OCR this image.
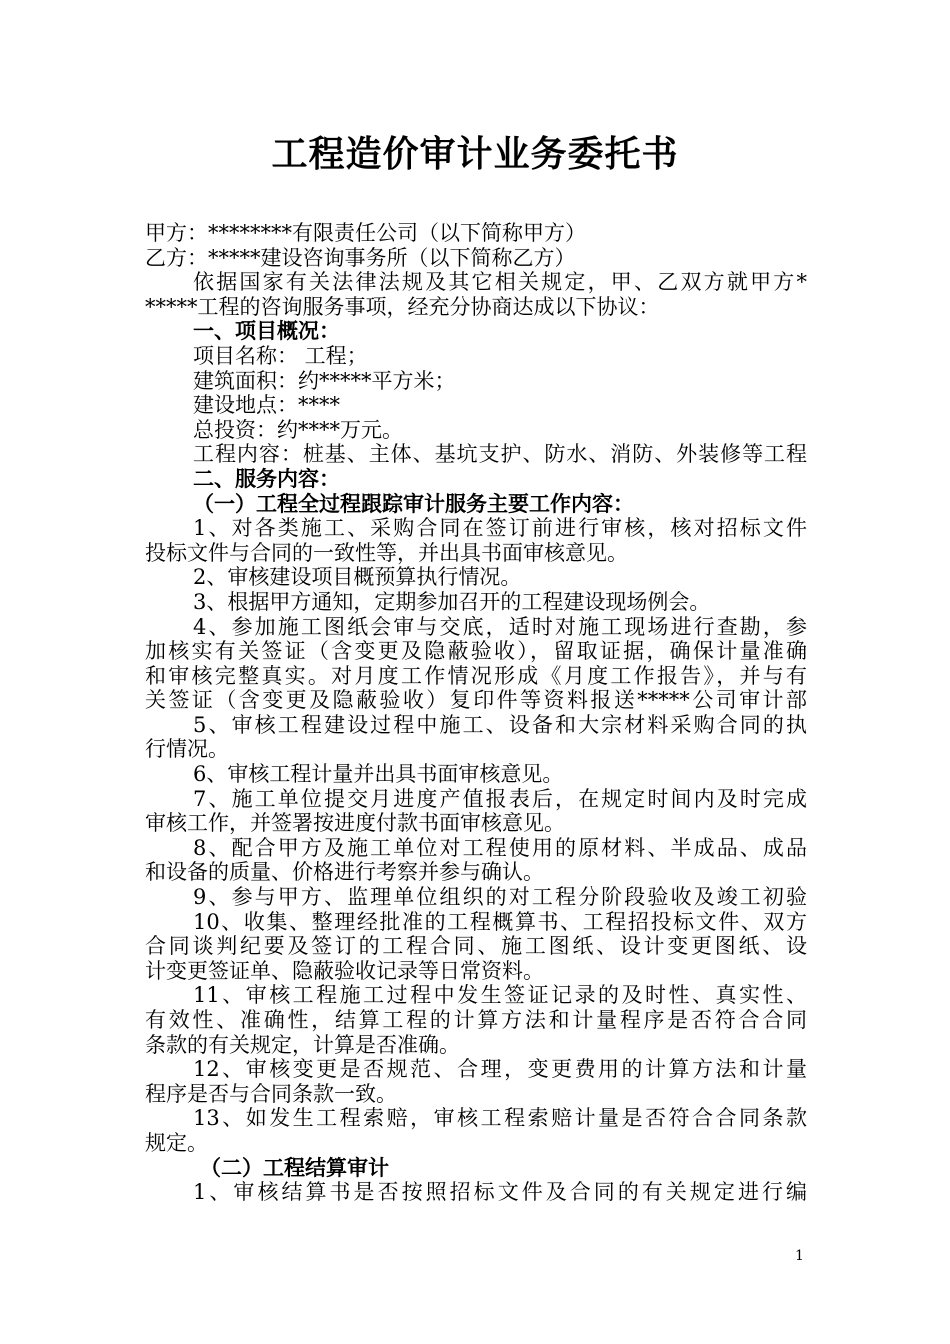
工程造价审计业务委托书
甲方：********有限责任公司（以下简称甲方）
乙方：*****建设咨询事务所（以下简称乙方）
依据国家有关法律法规及其它相关规定，甲、乙双方就甲方*
*****工程的咨询服务事项，经充分协商达成以下协议：
一、项目概况：
项目名称： 工程；
建筑面积：约*****平方米；
建设地点：****
总投资：约****万元。
工程内容：桩基、主体、基坑支护、防水、消防、外装修等工程
二、服务内容：
（一）工程全过程跟踪审计服务主要工作内容：
1、对各类施工、采购合同在签订前进行审核，核对招标文件
投标文件与合同的一致性等，并出具书面审核意见。
2、审核建设项目概预算执行情况。
3、根据甲方通知，定期参加召开的工程建设现场例会。
4、参加施工图纸会审与交底，适时对施工现场进行查勘，参
加核实有关签证（含变更及隐蔽验收），留取证据，确保计量准确
和审核完整真实。对月度工作情况形成《月度工作报告》，并与有
关签证（含变更及隐蔽验收）复印件等资料报送*****公司审计部
5、审核工程建设过程中施工、设备和大宗材料采购合同的执
行情况。
6、审核工程计量并出具书面审核意见。
7、施工单位提交月进度产值报表后，在规定时间内及时完成
审核工作，并签署按进度付款书面审核意见。
8、配合甲方及施工单位对工程使用的原材料、半成品、成品
和设备的质量、价格进行考察并参与确认。
9、参与甲方、监理单位组织的对工程分阶段验收及竣工初验
10、收集、整理经批准的工程概算书、工程招投标文件、双方
合同谈判纪要及签订的工程合同、施工图纸、设计变更图纸、设
计变更签证单、隐蔽验收记录等日常资料。
11、审核工程施工过程中发生签证记录的及时性、真实性、
有效性、准确性，结算工程的计算方法和计量程序是否符合合同
条款的有关规定，计算是否准确。
12、审核变更是否规范、合理，变更费用的计算方法和计量
程序是否与合同条款一致。
13、如发生工程索赔，审核工程索赔计量是否符合合同条款
规定。
（二）工程结算审计
1、审核结算书是否按照招标文件及合同的有关规定进行编
1
